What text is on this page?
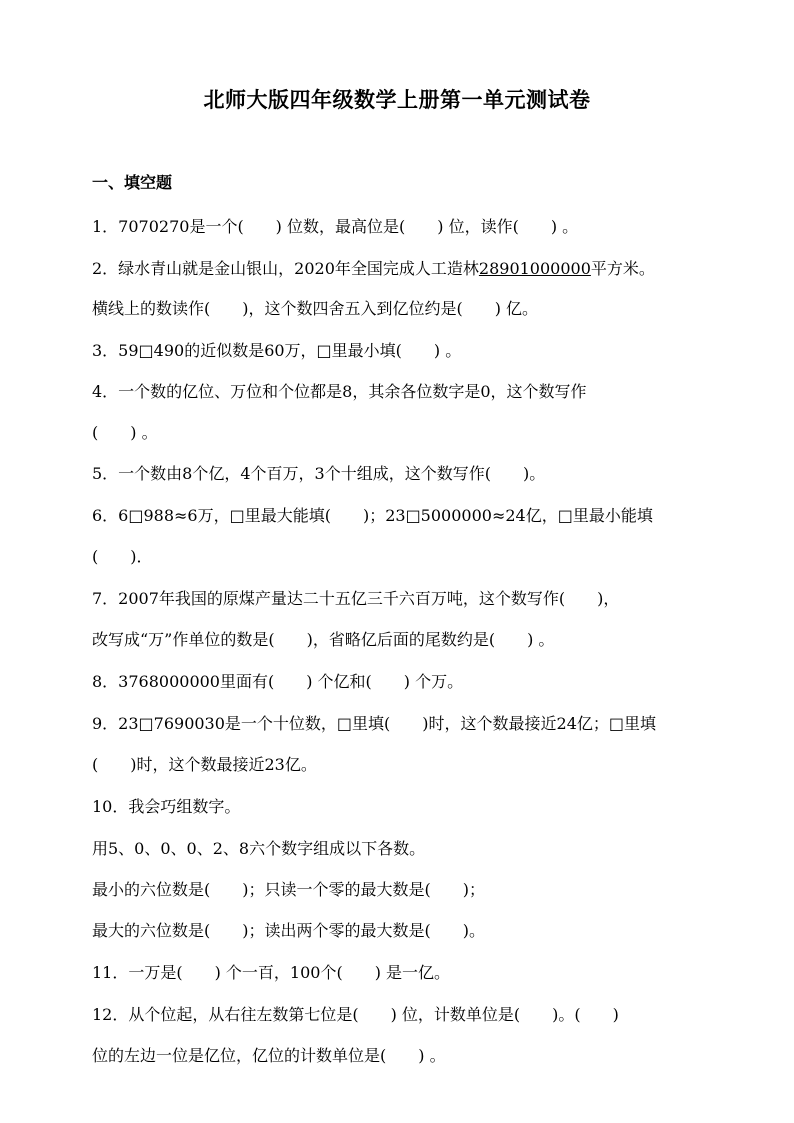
北师大版四年级数学上册第一单元测试卷
一、填空题
1．7070270是一个(　　) 位数，最高位是(　　) 位，读作(　　) 。
2．绿水青山就是金山银山，2020年全国完成人工造林28901000000平方米。
横线上的数读作(　　)，这个数四舍五入到亿位约是(　　) 亿。
3．59□490的近似数是60万，□里最小填(　　) 。
4．一个数的亿位、万位和个位都是8，其余各位数字是0，这个数写作
(　　) 。
5．一个数由8个亿，4个百万，3个十组成，这个数写作(　　)。
6．6□988≈6万，□里最大能填(　　)；23□5000000≈24亿，□里最小能填
(　　)．
7．2007年我国的原煤产量达二十五亿三千六百万吨，这个数写作(　　)，
改写成“万”作单位的数是(　　)，省略亿后面的尾数约是(　　) 。
8．3768000000里面有(　　) 个亿和(　　) 个万。
9．23□7690030是一个十位数，□里填(　　)时，这个数最接近24亿；□里填
(　　)时，这个数最接近23亿。
10．我会巧组数字。
用5、0、0、0、2、8六个数字组成以下各数。
最小的六位数是(　　)；只读一个零的最大数是(　　)；
最大的六位数是(　　)；读出两个零的最大数是(　　)。
11．一万是(　　) 个一百，100个(　　) 是一亿。
12．从个位起，从右往左数第七位是(　　) 位，计数单位是(　　)。(　　)
位的左边一位是亿位，亿位的计数单位是(　　) 。
